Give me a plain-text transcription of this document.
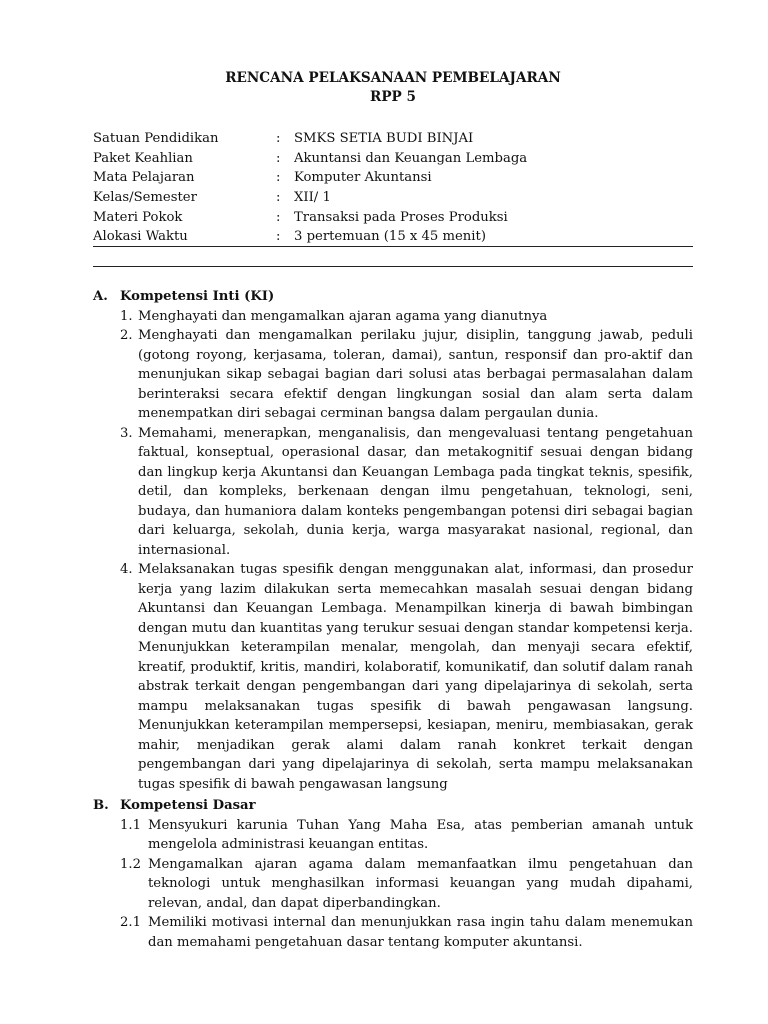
RENCANA PELAKSANAAN PEMBELAJARAN
RPP 5
Satuan Pendidikan	: SMKS SETIA BUDI BINJAI
Paket Keahlian	: Akuntansi dan Keuangan Lembaga
Mata Pelajaran	: Komputer Akuntansi
Kelas/Semester	: XII/ 1
Materi Pokok	: Transaksi pada Proses Produksi
Alokasi Waktu	: 3 pertemuan (15 x 45 menit)
A. Kompetensi Inti (KI)
1. Menghayati dan mengamalkan ajaran agama yang dianutnya
2. Menghayati dan mengamalkan perilaku jujur, disiplin, tanggung jawab, peduli (gotong royong, kerjasama, toleran, damai), santun, responsif dan pro-aktif dan menunjukan sikap sebagai bagian dari solusi atas berbagai permasalahan dalam berinteraksi secara efektif dengan lingkungan sosial dan alam serta dalam menempatkan diri sebagai cerminan bangsa dalam pergaulan dunia.
3. Memahami, menerapkan, menganalisis, dan mengevaluasi tentang pengetahuan faktual, konseptual, operasional dasar, dan metakognitif sesuai dengan bidang dan lingkup kerja Akuntansi dan Keuangan Lembaga pada tingkat teknis, spesifik, detil, dan kompleks, berkenaan dengan ilmu pengetahuan, teknologi, seni, budaya, dan humaniora dalam konteks pengembangan potensi diri sebagai bagian dari keluarga, sekolah, dunia kerja, warga masyarakat nasional, regional, dan internasional.
4. Melaksanakan tugas spesifik dengan menggunakan alat, informasi, dan prosedur kerja yang lazim dilakukan serta memecahkan masalah sesuai dengan bidang Akuntansi dan Keuangan Lembaga. Menampilkan kinerja di bawah bimbingan dengan mutu dan kuantitas yang terukur sesuai dengan standar kompetensi kerja. Menunjukkan keterampilan menalar, mengolah, dan menyaji secara efektif, kreatif, produktif, kritis, mandiri, kolaboratif, komunikatif, dan solutif dalam ranah abstrak terkait dengan pengembangan dari yang dipelajarinya di sekolah, serta mampu melaksanakan tugas spesifik di bawah pengawasan langsung. Menunjukkan keterampilan mempersepsi, kesiapan, meniru, membiasakan, gerak mahir, menjadikan gerak alami dalam ranah konkret terkait dengan pengembangan dari yang dipelajarinya di sekolah, serta mampu melaksanakan tugas spesifik di bawah pengawasan langsung
B. Kompetensi Dasar
1.1 Mensyukuri karunia Tuhan Yang Maha Esa, atas pemberian amanah untuk mengelola administrasi keuangan entitas.
1.2 Mengamalkan ajaran agama dalam memanfaatkan ilmu pengetahuan dan teknologi untuk menghasilkan informasi keuangan yang mudah dipahami, relevan, andal, dan dapat diperbandingkan.
2.1 Memiliki motivasi internal dan menunjukkan rasa ingin tahu dalam menemukan dan memahami pengetahuan dasar tentang komputer akuntansi.
